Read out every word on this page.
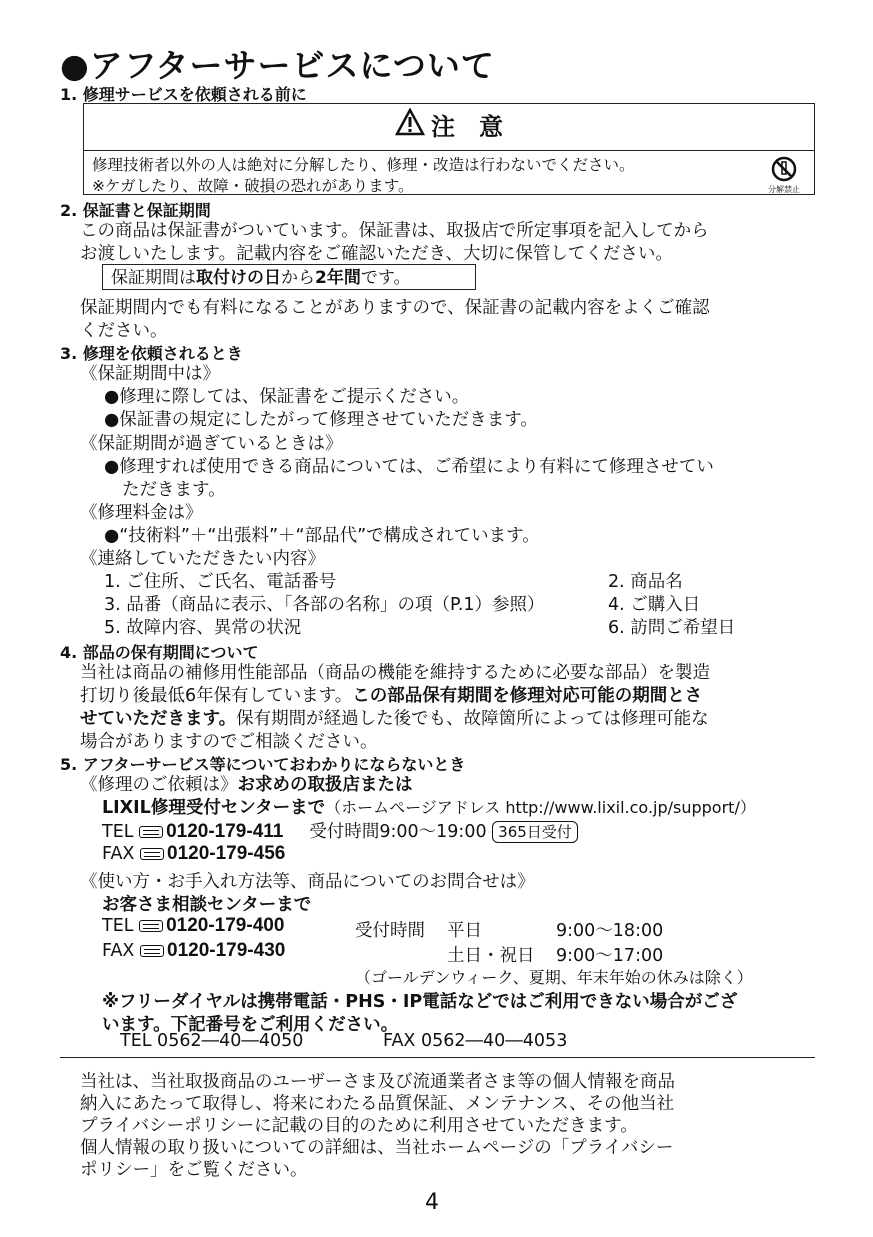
●アフターサービスについて
1. 修理サービスを依頼される前に
注　意
修理技術者以外の人は絶対に分解したり、修理・改造は行わないでください。
※ケガしたり、故障・破損の恐れがあります。	分解禁止
2. 保証書と保証期間
この商品は保証書がついています。保証書は、取扱店で所定事項を記入してから
お渡しいたします。記載内容をご確認いただき、大切に保管してください。
保証期間は取付けの日から2年間です。
保証期間内でも有料になることがありますので、保証書の記載内容をよくご確認
ください。
3. 修理を依頼されるとき
《保証期間中は》
●修理に際しては、保証書をご提示ください。
●保証書の規定にしたがって修理させていただきます。
《保証期間が過ぎているときは》
●修理すれば使用できる商品については、ご希望により有料にて修理させてい
ただきます。
《修理料金は》
●“技術料”＋“出張料”＋“部品代”で構成されています。
《連絡していただきたい内容》
1. ご住所、ご氏名、電話番号	2. 商品名
3. 品番（商品に表示、「各部の名称」の項（P.1）参照）	4. ご購入日
5. 故障内容、異常の状況	6. 訪問ご希望日
4. 部品の保有期間について
当社は商品の補修用性能部品（商品の機能を維持するために必要な部品）を製造
打切り後最低6年保有しています。この部品保有期間を修理対応可能の期間とさ
せていただきます。保有期間が経過した後でも、故障箇所によっては修理可能な
場合がありますのでご相談ください。
5. アフターサービス等についておわかりにならないとき
《修理のご依頼は》お求めの取扱店または
LIXIL修理受付センターまで（ホームページアドレス http://www.lixil.co.jp/support/）
TEL 0120-179-411 受付時間9:00〜19:00 365日受付
FAX 0120-179-456
《使い方・お手入れ方法等、商品についてのお問合せは》
お客さま相談センターまで
TEL 0120-179-400	受付時間 平日	9:00〜18:00
FAX 0120-179-430	土日・祝日 9:00〜17:00
（ゴールデンウィーク、夏期、年末年始の休みは除く）
※フリーダイヤルは携帯電話・PHS・IP電話などではご利用できない場合がござ
います。下記番号をご利用ください。
TEL 0562―40―4050	FAX 0562―40―4053
当社は、当社取扱商品のユーザーさま及び流通業者さま等の個人情報を商品
納入にあたって取得し、将来にわたる品質保証、メンテナンス、その他当社
プライバシーポリシーに記載の目的のために利用させていただきます。
個人情報の取り扱いについての詳細は、当社ホームページの「プライバシー
ポリシー」をご覧ください。
4
